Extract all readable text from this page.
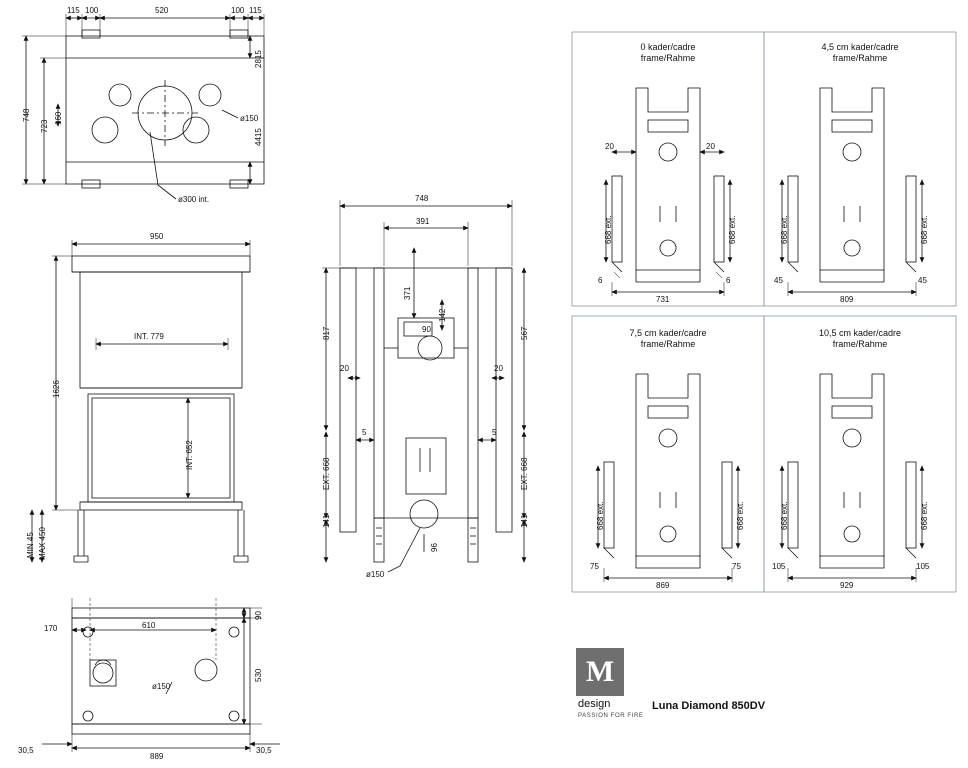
115 100	520	100 115
748
723
160
2815
4415
ø150
ø300 int.
950
1626
INT. 779
INT. 652
MIN 45 MAX 450
748
391
371
142
90
817	567
20	20
5	5
EXT. 668	EXT. 668
141	141
96
ø150
170	610
90
530
30,5
889
30,5
ø150
0 kader/cadre
frame/Rahme
20	20
668 ext.	668 ext.
6	6
731
4,5 cm kader/cadre
frame/Rahme
668 ext.	668 ext.
45	45
809
7,5 cm kader/cadre
frame/Rahme
668 ext.	668 ext.
75	75
869
10,5 cm kader/cadre
frame/Rahme
668 ext.	668 ext.
105	105
929
M
design
PASSION FOR FIRE
Luna Diamond 850DV
